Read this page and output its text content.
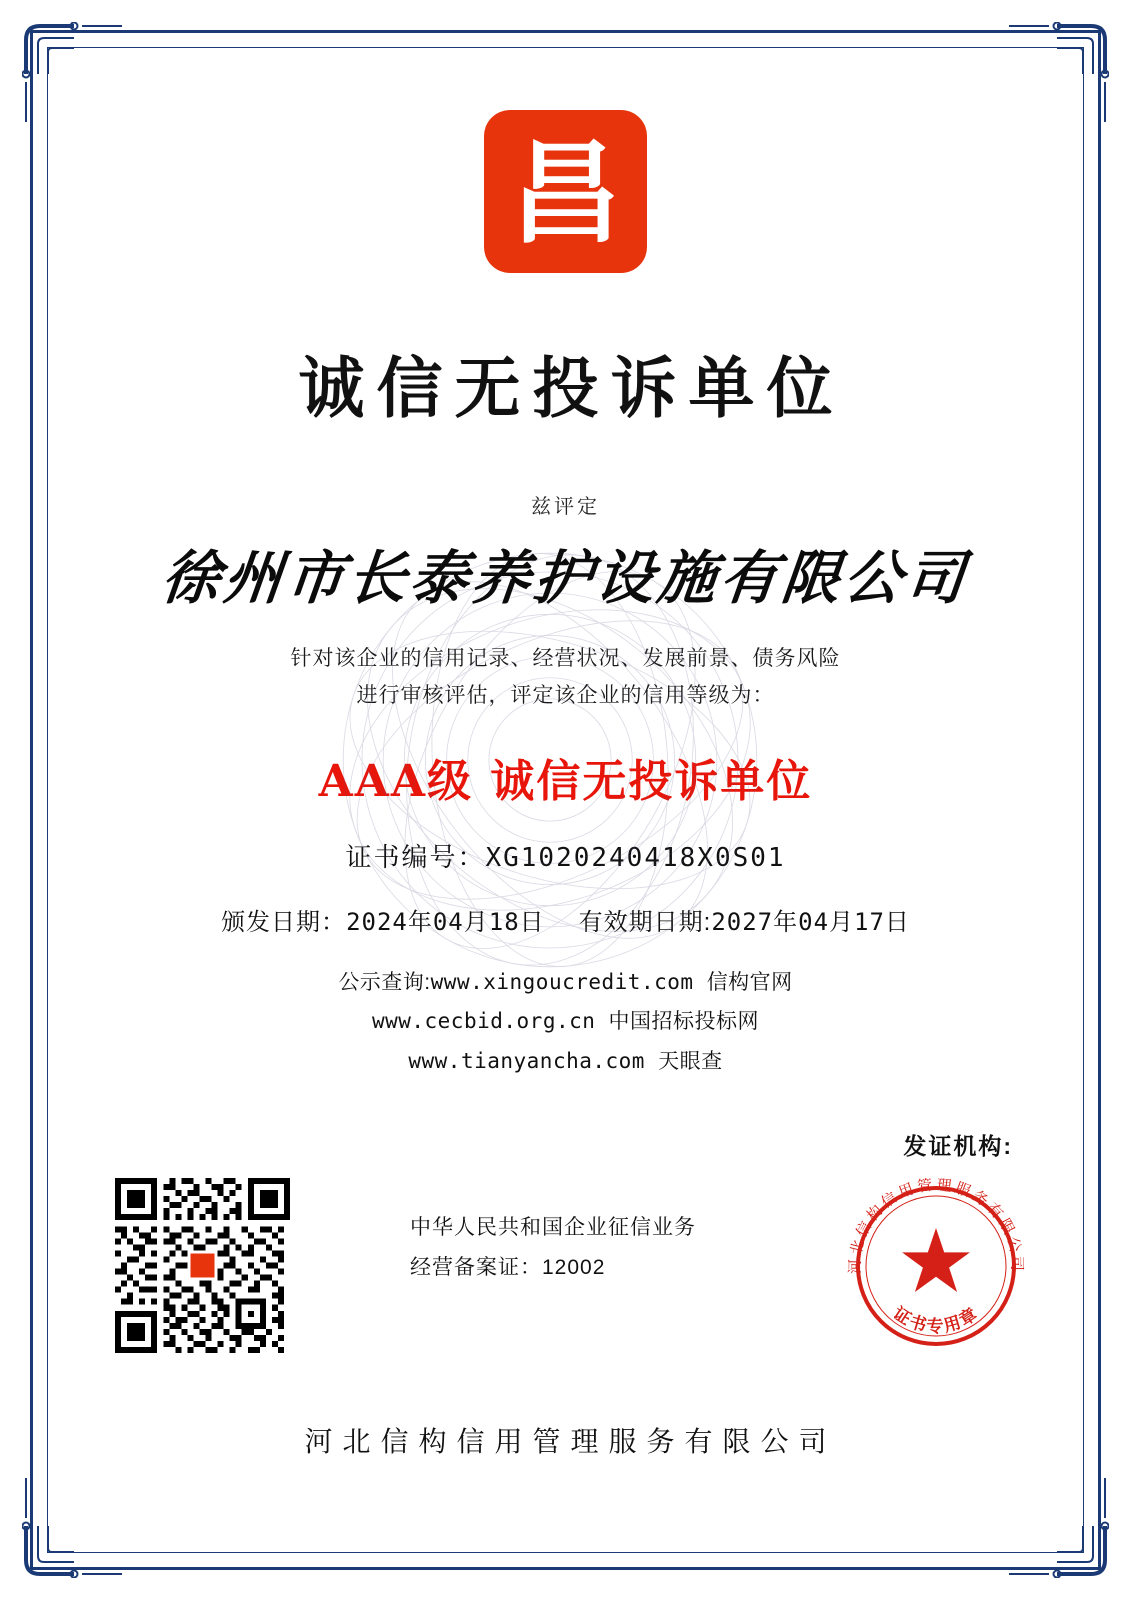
昌
诚信无投诉单位
兹评定
徐州市长泰养护设施有限公司
针对该企业的信用记录、经营状况、发展前景、债务风险
进行审核评估，评定该企业的信用等级为：
AAA级 诚信无投诉单位
证书编号：XG1020240418X0S01
颁发日期：2024年04月18日 有效期日期:2027年04月17日
公示查询:www.xingoucredit.com 信构官网
www.cecbid.org.cn 中国招标投标网
www.tianyancha.com 天眼查
发证机构:
中华人民共和国企业征信业务
经营备案证：12002	河北信构信用管理服务有限公司
证书专用章
河北信构信用管理服务有限公司
